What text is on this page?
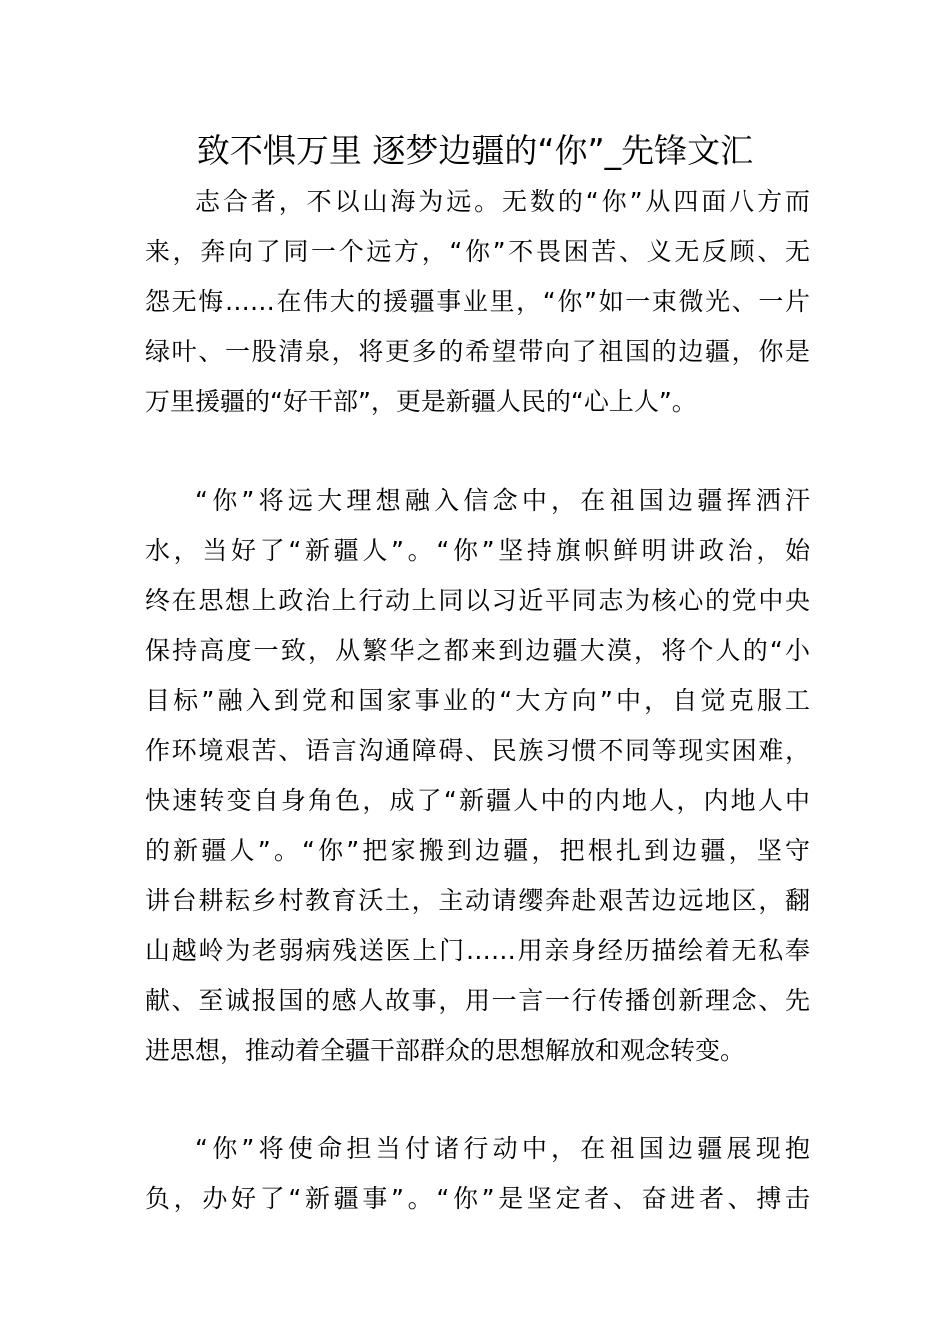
致不惧万里 逐梦边疆的“你”_先锋文汇
志合者，不以山海为远。无数的“你”从四面八方而
来，奔向了同一个远方，“你”不畏困苦、义无反顾、无
怨无悔……在伟大的援疆事业里，“你”如一束微光、一片
绿叶、一股清泉，将更多的希望带向了祖国的边疆，你是
万里援疆的“好干部”，更是新疆人民的“心上人”。
“你”将远大理想融入信念中，在祖国边疆挥洒汗
水，当好了“新疆人”。“你”坚持旗帜鲜明讲政治，始
终在思想上政治上行动上同以习近平同志为核心的党中央
保持高度一致，从繁华之都来到边疆大漠，将个人的“小
目标”融入到党和国家事业的“大方向”中，自觉克服工
作环境艰苦、语言沟通障碍、民族习惯不同等现实困难，
快速转变自身角色，成了“新疆人中的内地人，内地人中
的新疆人”。“你”把家搬到边疆，把根扎到边疆，坚守
讲台耕耘乡村教育沃土，主动请缨奔赴艰苦边远地区，翻
山越岭为老弱病残送医上门……用亲身经历描绘着无私奉
献、至诚报国的感人故事，用一言一行传播创新理念、先
进思想，推动着全疆干部群众的思想解放和观念转变。
“你”将使命担当付诸行动中，在祖国边疆展现抱
负，办好了“新疆事”。“你”是坚定者、奋进者、搏击
